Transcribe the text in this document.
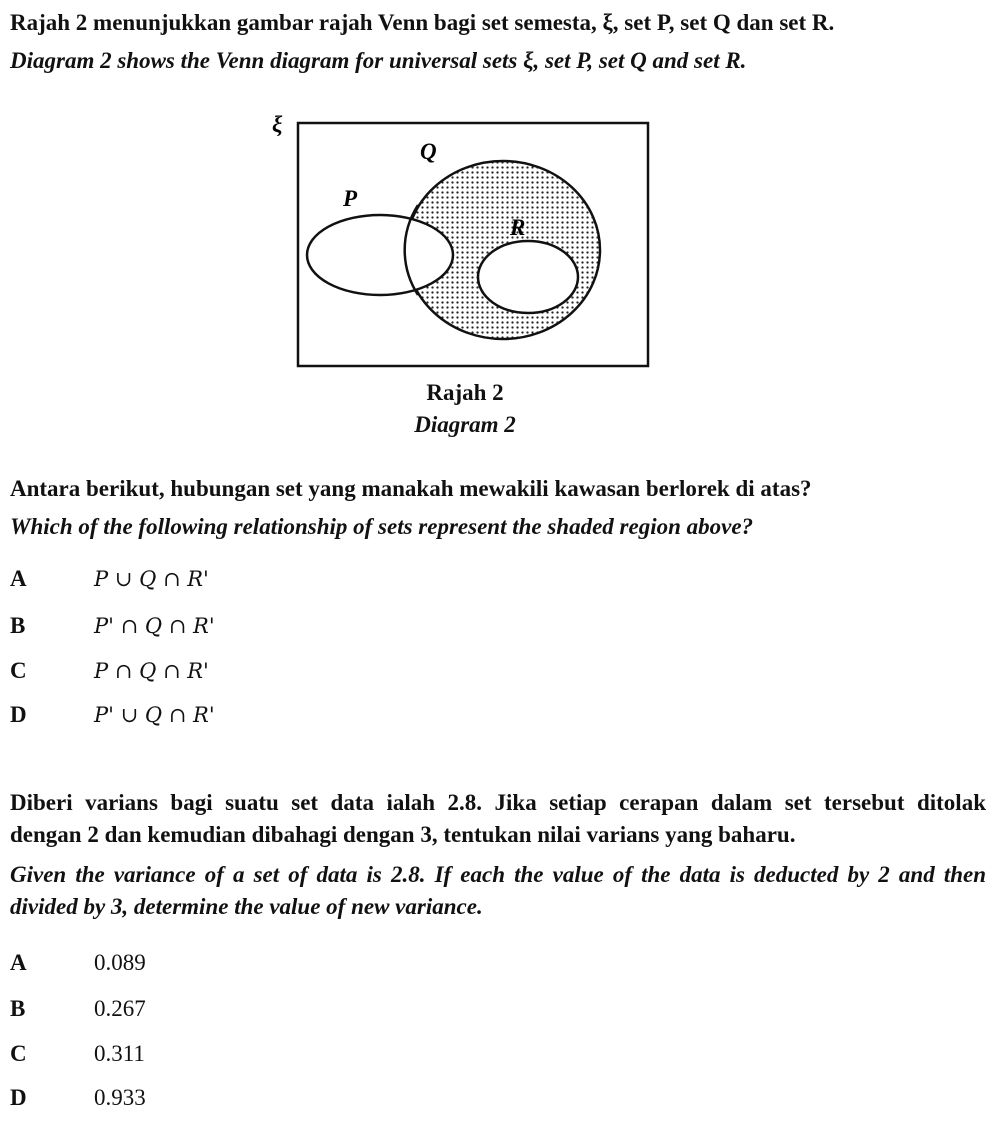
Rajah 2 menunjukkan gambar rajah Venn bagi set semesta, ξ, set P, set Q dan set R.
Diagram 2 shows the Venn diagram for universal sets ξ, set P, set Q and set R.
ξ
Q
P
R
Rajah 2
Diagram 2
Antara berikut, hubungan set yang manakah mewakili kawasan berlorek di atas?
Which of the following relationship of sets represent the shaded region above?
A	P ∪ Q ∩ R'
B	P' ∩ Q ∩ R'
C	P ∩ Q ∩ R'
D	P' ∪ Q ∩ R'
Diberi varians bagi suatu set data ialah 2.8. Jika setiap cerapan dalam set tersebut ditolak
dengan 2 dan kemudian dibahagi dengan 3, tentukan nilai varians yang baharu.
Given the variance of a set of data is 2.8. If each the value of the data is deducted by 2 and then
divided by 3, determine the value of new variance.
A	0.089
B	0.267
C	0.311
D	0.933
